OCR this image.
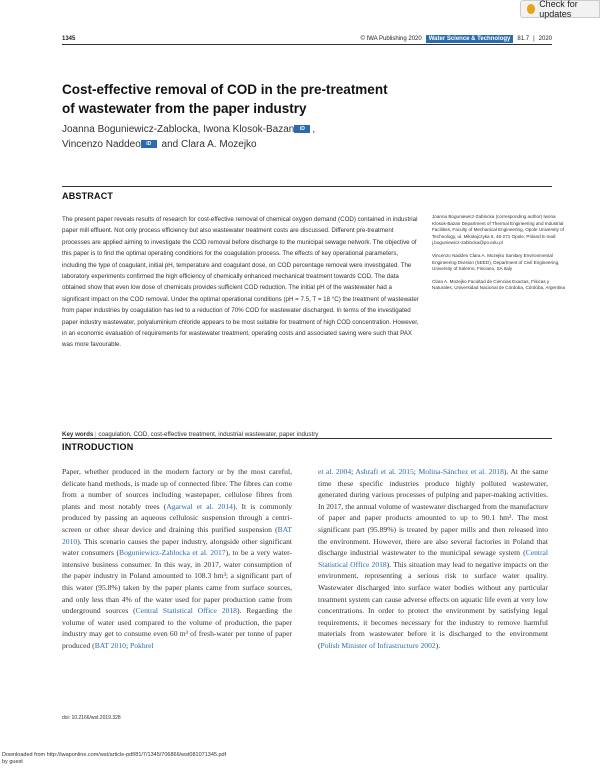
Check for updates
1345	© IWA Publishing 2020	Water Science & Technology	81.7 | 2020
Cost-effective removal of COD in the pre-treatment of wastewater from the paper industry
Joanna Boguniewicz-Zablocka, Iwona Klosok-Bazan iD ,
Vincenzo Naddeo iD and Clara A. Mozejko
ABSTRACT
The present paper reveals results of research for cost-effective removal of chemical oxygen demand (COD) contained in industrial paper mill effluent. Not only process efficiency but also wastewater treatment costs are discussed. Different pre-treatment processes are applied aiming to investigate the COD removal before discharge to the municipal sewage network. The objective of this paper is to find the optimal operating conditions for the coagulation process. The effects of key operational parameters, including the type of coagulant, initial pH, temperature and coagulant dose, on COD percentage removal were investigated. The laboratory experiments confirmed the high efficiency of chemically enhanced mechanical treatment towards COD. The data obtained show that even low dose of chemicals provides sufficient COD reduction. The initial pH of the wastewater had a significant impact on the COD removal. Under the optimal operational conditions (pH = 7.5, T = 18 °C) the treatment of wastewater from paper industries by coagulation has led to a reduction of 70% COD for wastewater discharged. In terms of the investigated paper industry wastewater, polyaluminium chloride appears to be most suitable for treatment of high COD concentration. However, in an economic evaluation of requirements for wastewater treatment, operating costs and associated saving were such that PAX was more favourable.

Joanna Boguniewicz-Zablocka (corresponding author) Iwona Klosok-Bazan Department of Thermal Engineering and Industrial Facilities, Faculty of Mechanical Engineering, Opole University of Technology, ul. Mikołajczyka 5, 45-271 Opole, Poland E-mail: j.boguniewicz-zablocka@po.edu.pl

Vincenzo Naddeo Clara A. Mozejko Sanitary Environmental Engineering Division (SEED), Department of Civil Engineering, University of Salerno, Fisciano, SA Italy

Clara A. Mozejko Facultad de Ciencias Exactas, Físicas y Naturales, Universidad Nacional de Córdoba, Córdoba, Argentina

Key words | coagulation, COD, cost-effective treatment, industrial wastewater, paper industry
INTRODUCTION
Paper, whether produced in the modern factory or by the most careful, delicate hand methods, is made up of connected fibre. The fibres can come from a number of sources including wastepaper, cellulose fibres from plants and most notably trees (Agarwal et al. 2014). It is commonly produced by passing an aqueous cellulosic suspension through a centri-screen or other shear device and draining this purified suspension (BAT 2010). This scenario causes the paper industry, alongside other significant water consumers (Boguniewicz-Zablocka et al. 2017), to be a very water-intensive business consumer. In this way, in 2017, water consumption of the paper industry in Poland amounted to 108.3 hm³; a significant part of this water (95.8%) taken by the paper plants came from surface sources, and only less than 4% of the water used for paper production came from underground sources (Central Statistical Office 2018). Regarding the volume of water used compared to the volume of production, the paper industry may get to consume even 60 m³ of fresh-water per tonne of paper produced (BAT 2010; Pokhrel
et al. 2004; Ashrafi et al. 2015; Molina-Sánchez et al. 2018). At the same time these specific industries produce highly polluted wastewater, generated during various processes of pulping and paper-making activities. In 2017, the annual volume of wastewater discharged from the manufacture of paper and paper products amounted to up to 90.1 hm³. The most significant part (95.89%) is treated by paper mills and then released into the environment. However, there are also several factories in Poland that discharge industrial wastewater to the municipal sewage system (Central Statistical Office 2018). This situation may lead to negative impacts on the environment, representing a serious risk to surface water quality. Wastewater discharged into surface water bodies without any particular treatment system can cause adverse effects on aquatic life even at very low concentrations. In order to protect the environment by satisfying legal requirements, it becomes necessary for the industry to remove harmful materials from wastewater before it is discharged to the environment (Polish Minister of Infrastructure 2002).
doi: 10.2166/wst.2019.328
Downloaded from http://iwaponline.com/wst/article-pdf/81/7/1345/706866/wst081071345.pdf
by guest
